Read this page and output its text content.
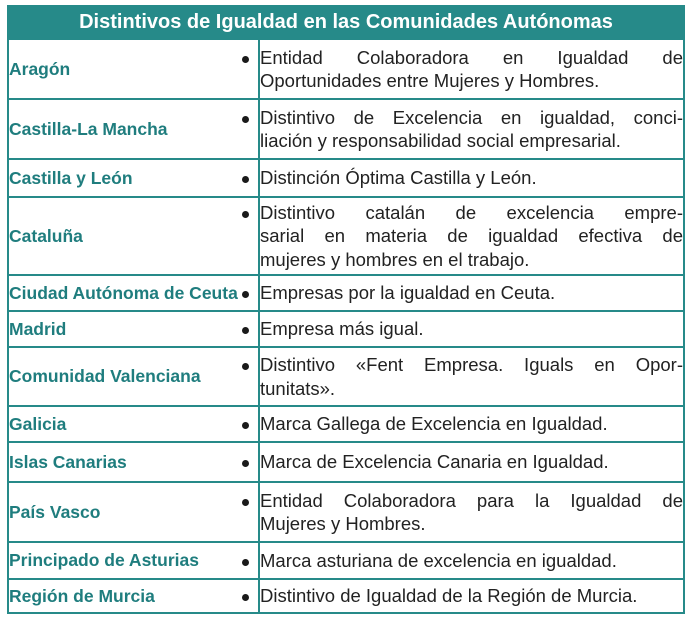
Distintivos de Igualdad en las Comunidades Autónomas	
Aragón	Entidad Colaboradora en Igualdad de
Oportunidades entre Mujeres y Hombres.

Castilla-La Mancha	Distintivo de Excelencia en igualdad, conci-
liación y responsabilidad social empresarial.

Castilla y León	Distinción Óptima Castilla y León.

Cataluña	Distintivo catalán de excelencia empre-
sarial en materia de igualdad efectiva de
mujeres y hombres en el trabajo.

Ciudad Autónoma de Ceuta	Empresas por la igualdad en Ceuta.

Madrid	Empresa más igual.

Comunidad Valenciana	Distintivo «Fent Empresa. Iguals en Opor-
tunitats».

Galicia	Marca Gallega de Excelencia en Igualdad.

Islas Canarias	Marca de Excelencia Canaria en Igualdad.

País Vasco	Entidad Colaboradora para la Igualdad de
Mujeres y Hombres.

Principado de Asturias	Marca asturiana de excelencia en igualdad.

Región de Murcia	Distintivo de Igualdad de la Región de Murcia.
